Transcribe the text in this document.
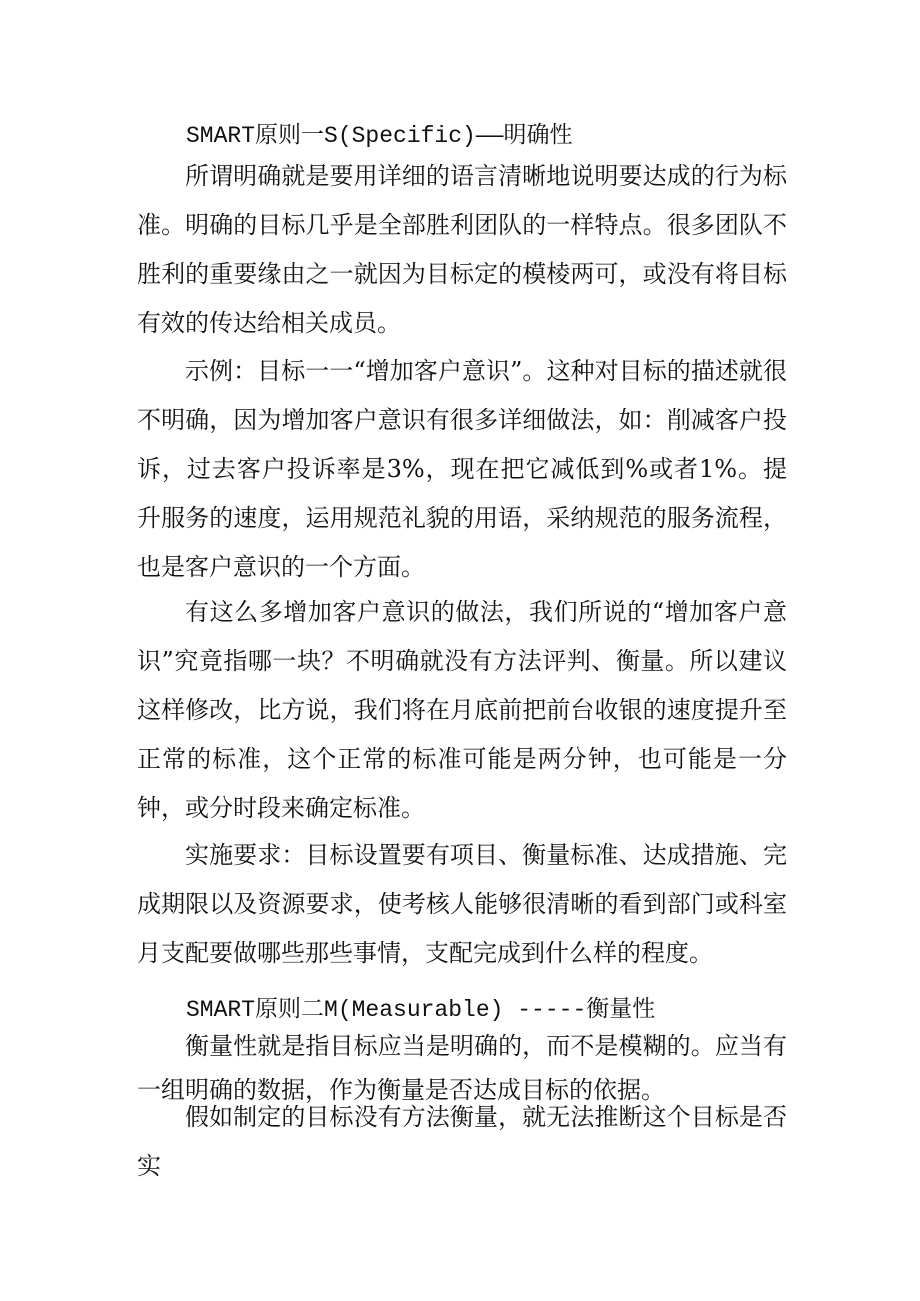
SMART原则一S(Specific)——明确性

所谓明确就是要用详细的语言清晰地说明要达成的行为标准。明确的目标几乎是全部胜利团队的一样特点。很多团队不胜利的重要缘由之一就因为目标定的模棱两可，或没有将目标有效的传达给相关成员。

示例：目标一一“增加客户意识”。这种对目标的描述就很不明确，因为增加客户意识有很多详细做法，如：削减客户投诉，过去客户投诉率是3%，现在把它减低到%或者1%。提升服务的速度，运用规范礼貌的用语，采纳规范的服务流程，也是客户意识的一个方面。

有这么多增加客户意识的做法，我们所说的“增加客户意识”究竟指哪一块？不明确就没有方法评判、衡量。所以建议这样修改，比方说，我们将在月底前把前台收银的速度提升至正常的标准，这个正常的标准可能是两分钟，也可能是一分钟，或分时段来确定标准。

实施要求：目标设置要有项目、衡量标准、达成措施、完成期限以及资源要求，使考核人能够很清晰的看到部门或科室月支配要做哪些那些事情，支配完成到什么样的程度。

SMART原则二M(Measurable) -----衡量性

衡量性就是指目标应当是明确的，而不是模糊的。应当有一组明确的数据，作为衡量是否达成目标的依据。

假如制定的目标没有方法衡量，就无法推断这个目标是否实
